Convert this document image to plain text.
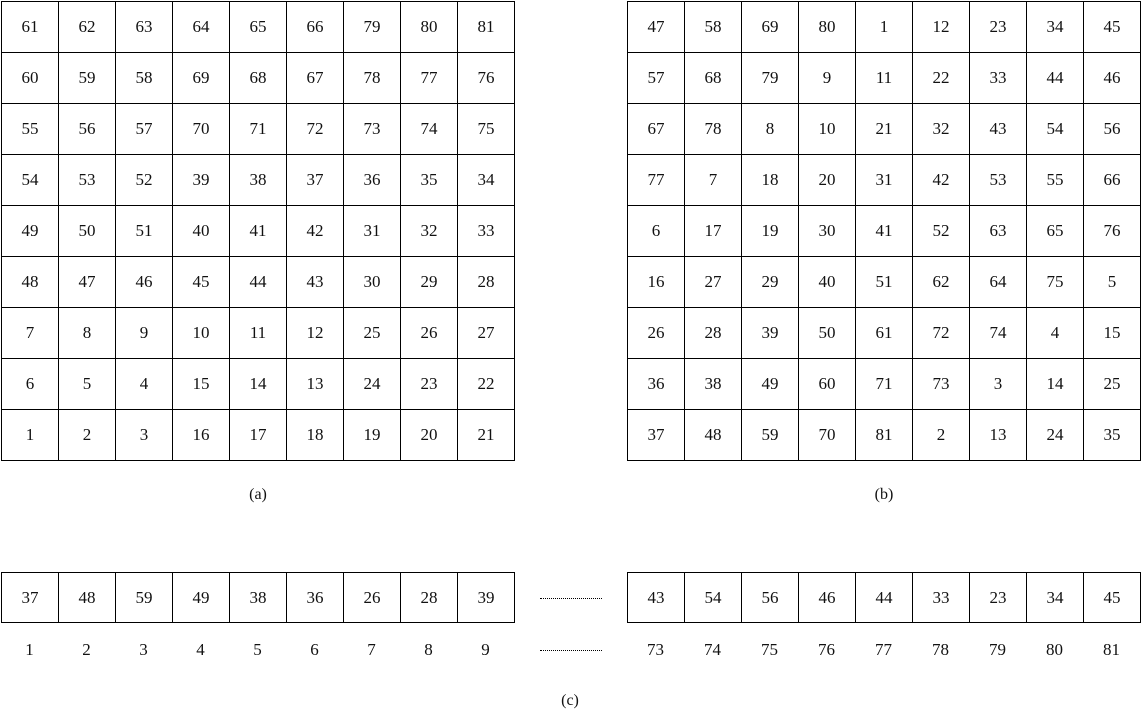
61	62	63	64	65	66	79	80	81
60	59	58	69	68	67	78	77	76
55	56	57	70	71	72	73	74	75
54	53	52	39	38	37	36	35	34
49	50	51	40	41	42	31	32	33
48	47	46	45	44	43	30	29	28
7	8	9	10	11	12	25	26	27
6	5	4	15	14	13	24	23	22
1	2	3	16	17	18	19	20	21
47	58	69	80	1	12	23	34	45
57	68	79	9	11	22	33	44	46
67	78	8	10	21	32	43	54	56
77	7	18	20	31	42	53	55	66
6	17	19	30	41	52	63	65	76
16	27	29	40	51	62	64	75	5
26	28	39	50	61	72	74	4	15
36	38	49	60	71	73	3	14	25
37	48	59	70	81	2	13	24	35
(a)	(b)
37	48	59	49	38	36	26	28	39	43	54	56	46	44	33	23	34	45
1	2	3	4	5	6	7	8	9	73	74	75	76	77	78	79	80	81
(c)
